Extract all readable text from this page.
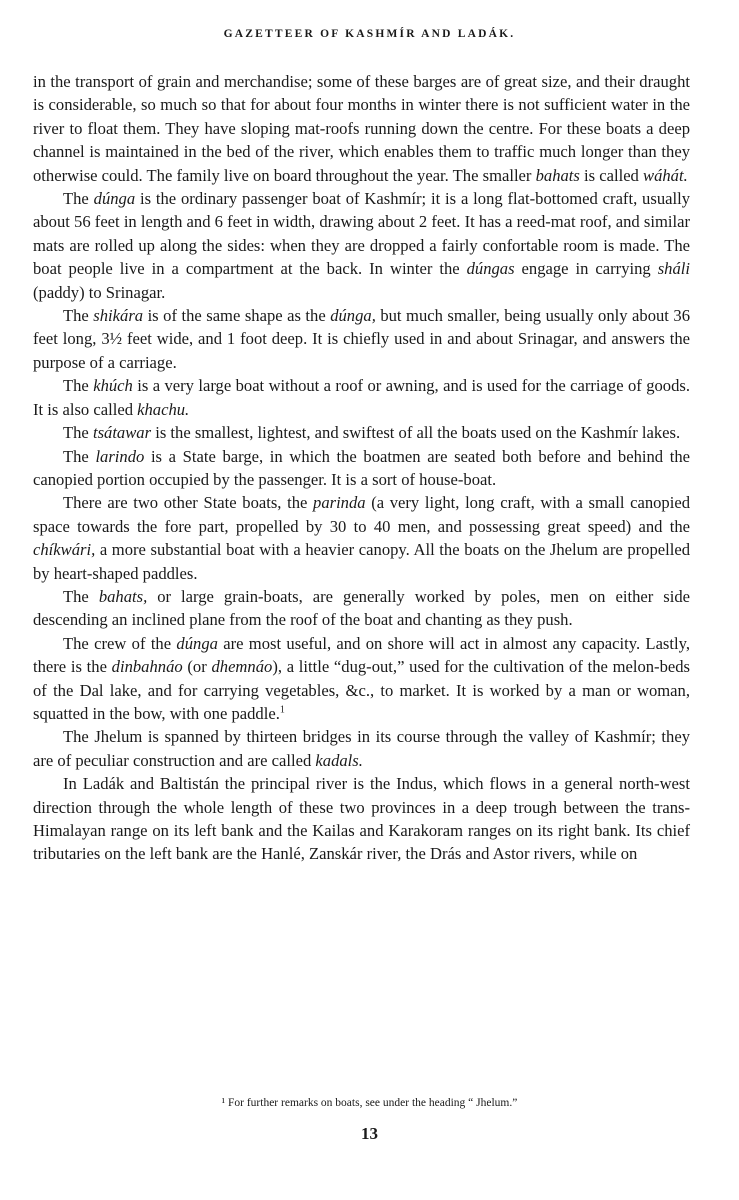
GAZETTEER OF KASHMÍR AND LADÁK.

in the transport of grain and merchandise; some of these barges are of great size, and their draught is considerable, so much so that for about four months in winter there is not sufficient water in the river to float them. They have sloping mat-roofs running down the centre. For these boats a deep channel is maintained in the bed of the river, which enables them to traffic much longer than they otherwise could. The family live on board throughout the year. The smaller bahats is called wáhát.

The dúnga is the ordinary passenger boat of Kashmír; it is a long flat-bottomed craft, usually about 56 feet in length and 6 feet in width, drawing about 2 feet. It has a reed-mat roof, and similar mats are rolled up along the sides: when they are dropped a fairly confortable room is made. The boat people live in a compartment at the back. In winter the dúngas engage in carrying sháli (paddy) to Srinagar.

The shikára is of the same shape as the dúnga, but much smaller, being usually only about 36 feet long, 3½ feet wide, and 1 foot deep. It is chiefly used in and about Srinagar, and answers the purpose of a carriage.

The khúch is a very large boat without a roof or awning, and is used for the carriage of goods. It is also called khachu.

The tsátawar is the smallest, lightest, and swiftest of all the boats used on the Kashmír lakes.

The larindo is a State barge, in which the boatmen are seated both before and behind the canopied portion occupied by the passenger. It is a sort of house-boat.

There are two other State boats, the parinda (a very light, long craft, with a small canopied space towards the fore part, propelled by 30 to 40 men, and possessing great speed) and the chíkwári, a more substantial boat with a heavier canopy. All the boats on the Jhelum are propelled by heart-shaped paddles.

The bahats, or large grain-boats, are generally worked by poles, men on either side descending an inclined plane from the roof of the boat and chanting as they push.

The crew of the dúnga are most useful, and on shore will act in almost any capacity. Lastly, there is the dinbahnáo (or dhemnáo), a little “dug-out,” used for the cultivation of the melon-beds of the Dal lake, and for carrying vegetables, &c., to market. It is worked by a man or woman, squatted in the bow, with one paddle.$^1$

The Jhelum is spanned by thirteen bridges in its course through the valley of Kashmír; they are of peculiar construction and are called kadals.

In Ladák and Baltistán the principal river is the Indus, which flows in a general north-west direction through the whole length of these two provinces in a deep trough between the trans-Himalayan range on its left bank and the Kailas and Karakoram ranges on its right bank. Its chief tributaries on the left bank are the Hanlé, Zanskár river, the Drás and Astor rivers, while on

¹ For further remarks on boats, see under the heading “ Jhelum.”
13
